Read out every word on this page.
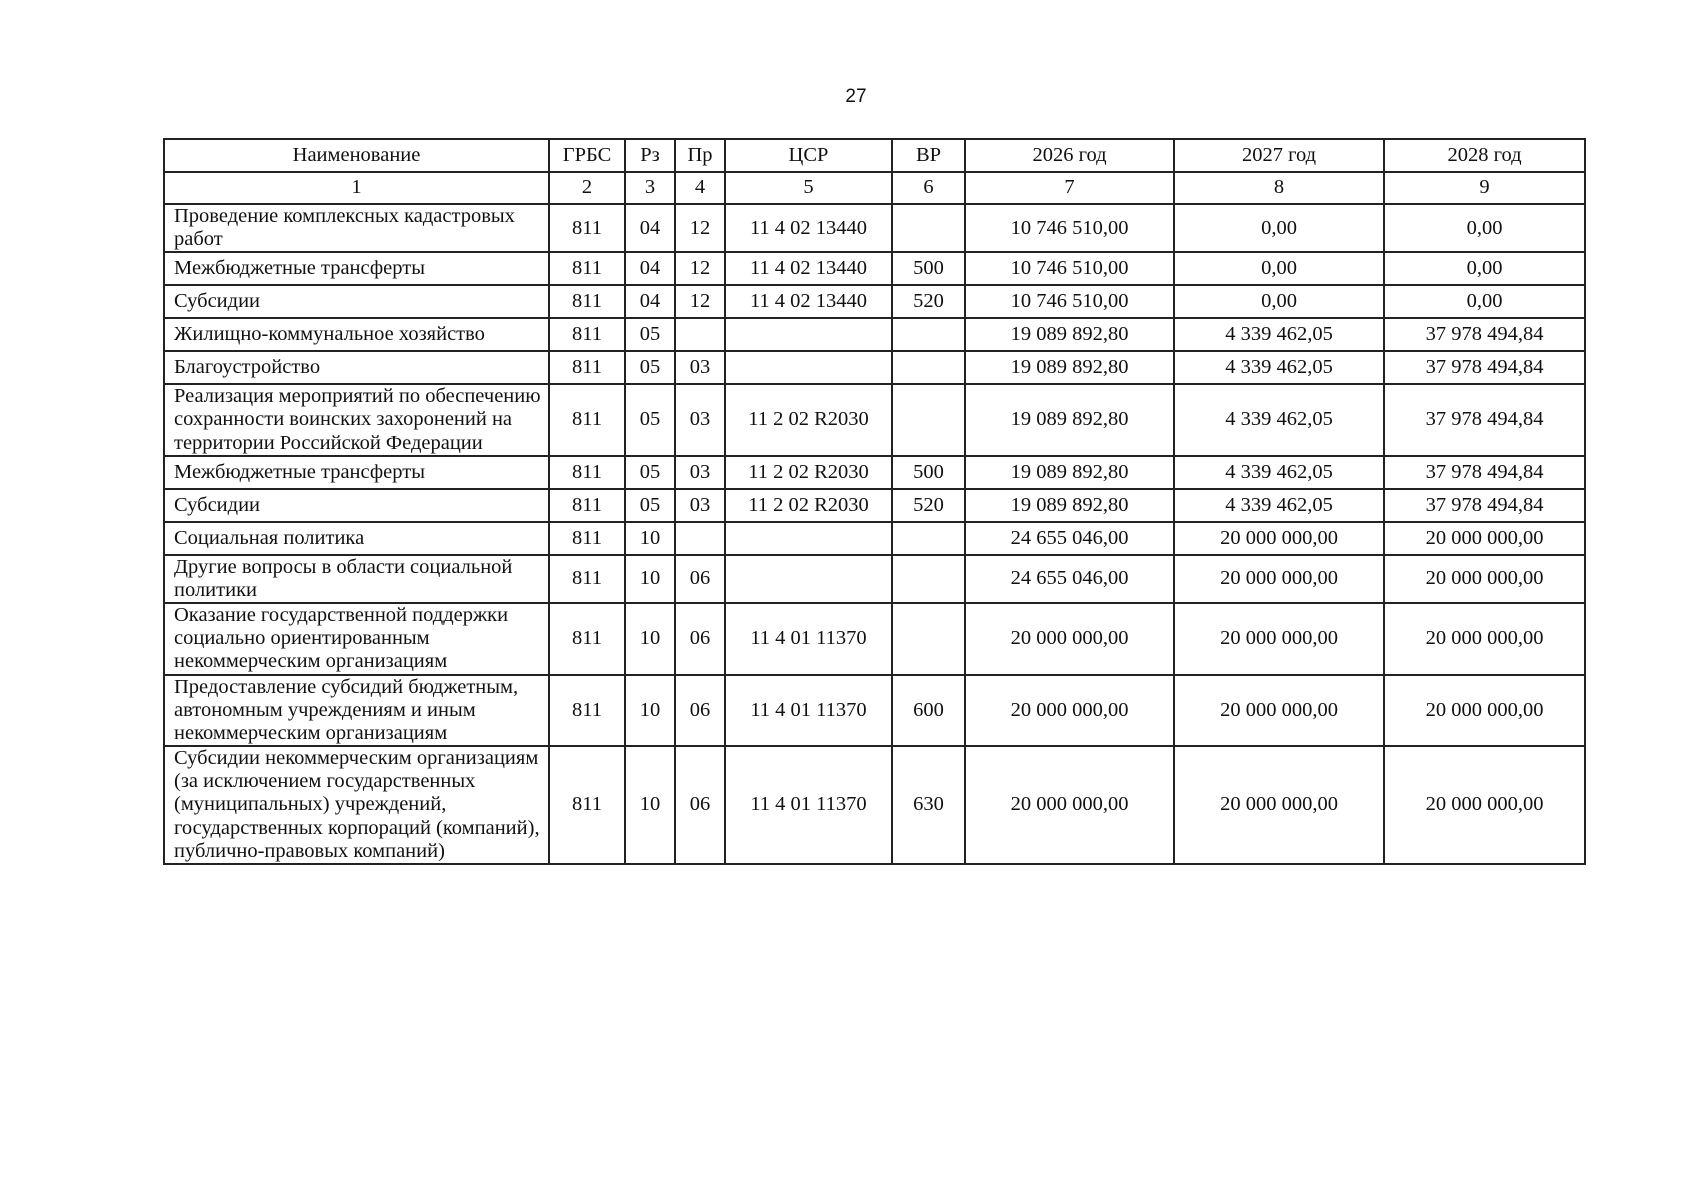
27
Наименование	ГРБС	Рз	Пр	ЦСР	ВР	2026 год	2027 год	2028 год
1	2	3	4	5	6	7	8	9
Проведение комплексных кадастровых работ	811	04	12	11 4 02 13440		10 746 510,00	0,00	0,00
Межбюджетные трансферты	811	04	12	11 4 02 13440	500	10 746 510,00	0,00	0,00
Субсидии	811	04	12	11 4 02 13440	520	10 746 510,00	0,00	0,00
Жилищно-коммунальное хозяйство	811	05				19 089 892,80	4 339 462,05	37 978 494,84
Благоустройство	811	05	03			19 089 892,80	4 339 462,05	37 978 494,84
Реализация мероприятий по обеспечению сохранности воинских захоронений на территории Российской Федерации	811	05	03	11 2 02 R2030		19 089 892,80	4 339 462,05	37 978 494,84
Межбюджетные трансферты	811	05	03	11 2 02 R2030	500	19 089 892,80	4 339 462,05	37 978 494,84
Субсидии	811	05	03	11 2 02 R2030	520	19 089 892,80	4 339 462,05	37 978 494,84
Социальная политика	811	10				24 655 046,00	20 000 000,00	20 000 000,00
Другие вопросы в области социальной политики	811	10	06			24 655 046,00	20 000 000,00	20 000 000,00
Оказание государственной поддержки социально ориентированным некоммерческим организациям	811	10	06	11 4 01 11370		20 000 000,00	20 000 000,00	20 000 000,00
Предоставление субсидий бюджетным, автономным учреждениям и иным некоммерческим организациям	811	10	06	11 4 01 11370	600	20 000 000,00	20 000 000,00	20 000 000,00
Субсидии некоммерческим организациям (за исключением государственных (муниципальных) учреждений, государственных корпораций (компаний), публично-правовых компаний)	811	10	06	11 4 01 11370	630	20 000 000,00	20 000 000,00	20 000 000,00
